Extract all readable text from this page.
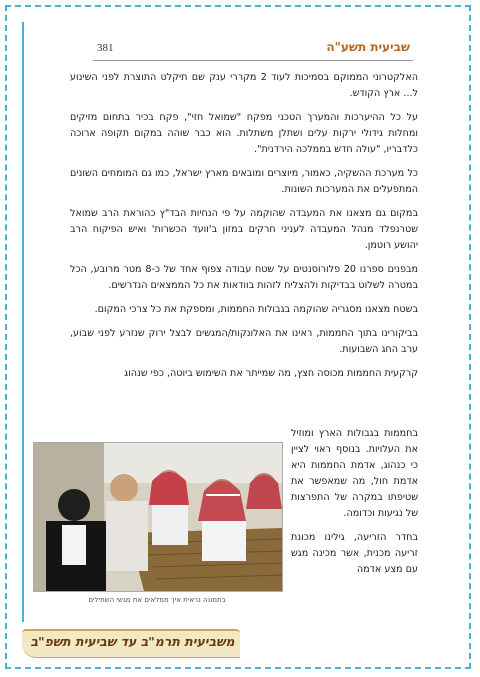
381	שביעית תשע"ה

האלקטרוני הממוקם בסמיכות לעוד 2 מקררי ענק שם תיקלט התוצרת לפני השינוע ל... ארץ הקודש.

על כל ההיערכות והמערך הטכני מפקח "שמואל חזי", פקח בכיר בתחום מזיקים ומחלות גידולי ירקות עלים ושתלן משתלות. הוא כבר שוהה במקום תקופה ארוכה כלדבריו, "עולה חדש בממלכה הירדנית".

כל מערכת ההשקיה, כאמור, מיוצרים ומובאים מארץ ישראל, כמו גם המומחים השונים המתפעלים את המערכות השונות.

במקום גם מצאנו את המעבדה שהוקמה על פי הנחיות הבד"ץ כהוראת הרב שמואל שטרנפלד מנהל המעבדה לעניני חרקים במזון ב'וועד הכשרות' ואיש הפיקוח הרב יהושע רוטמן.

מבפנים ספרנו 20 פלורוסנטים על שטח עבודה צפוף אחד של כ-8 מטר מרובע, הכל במטרה לשלוט בבדיקות ולהצליח לזהות בוודאות את כל הממצאים הנדרשים.

בשטח מצאנו מסגריה שהוקמה בגבולות החממות, ומספקת את כל צרכי המקום.

בביקורינו בתוך החממות, ראינו את האלונקות/המגשים לבצל ירוק שנזרע לפני שבוע, ערב החג השבועות.

קרקעית החממות מכוסה חצץ, מה שמייתר את השימוש ביוטה, כפי שנהוג

בחממות בגבולות הארץ ומוזיל את העלויות. בנוסף ראוי לציין כי כנהוג, אדמת החממות היא אדמת חול, מה שמאפשר את שטיפתו במקרה של התפרצות של נגיעות וכדומה.

בחדר הזריעה, גילינו מכונת זריעה מכנית, אשר מכינה מגש עם מצע אדמה

בתמונה נראית איך ממלאים את מגשי השתילים
משביעית תרמ"ב עד שביעית תשפ"ב
